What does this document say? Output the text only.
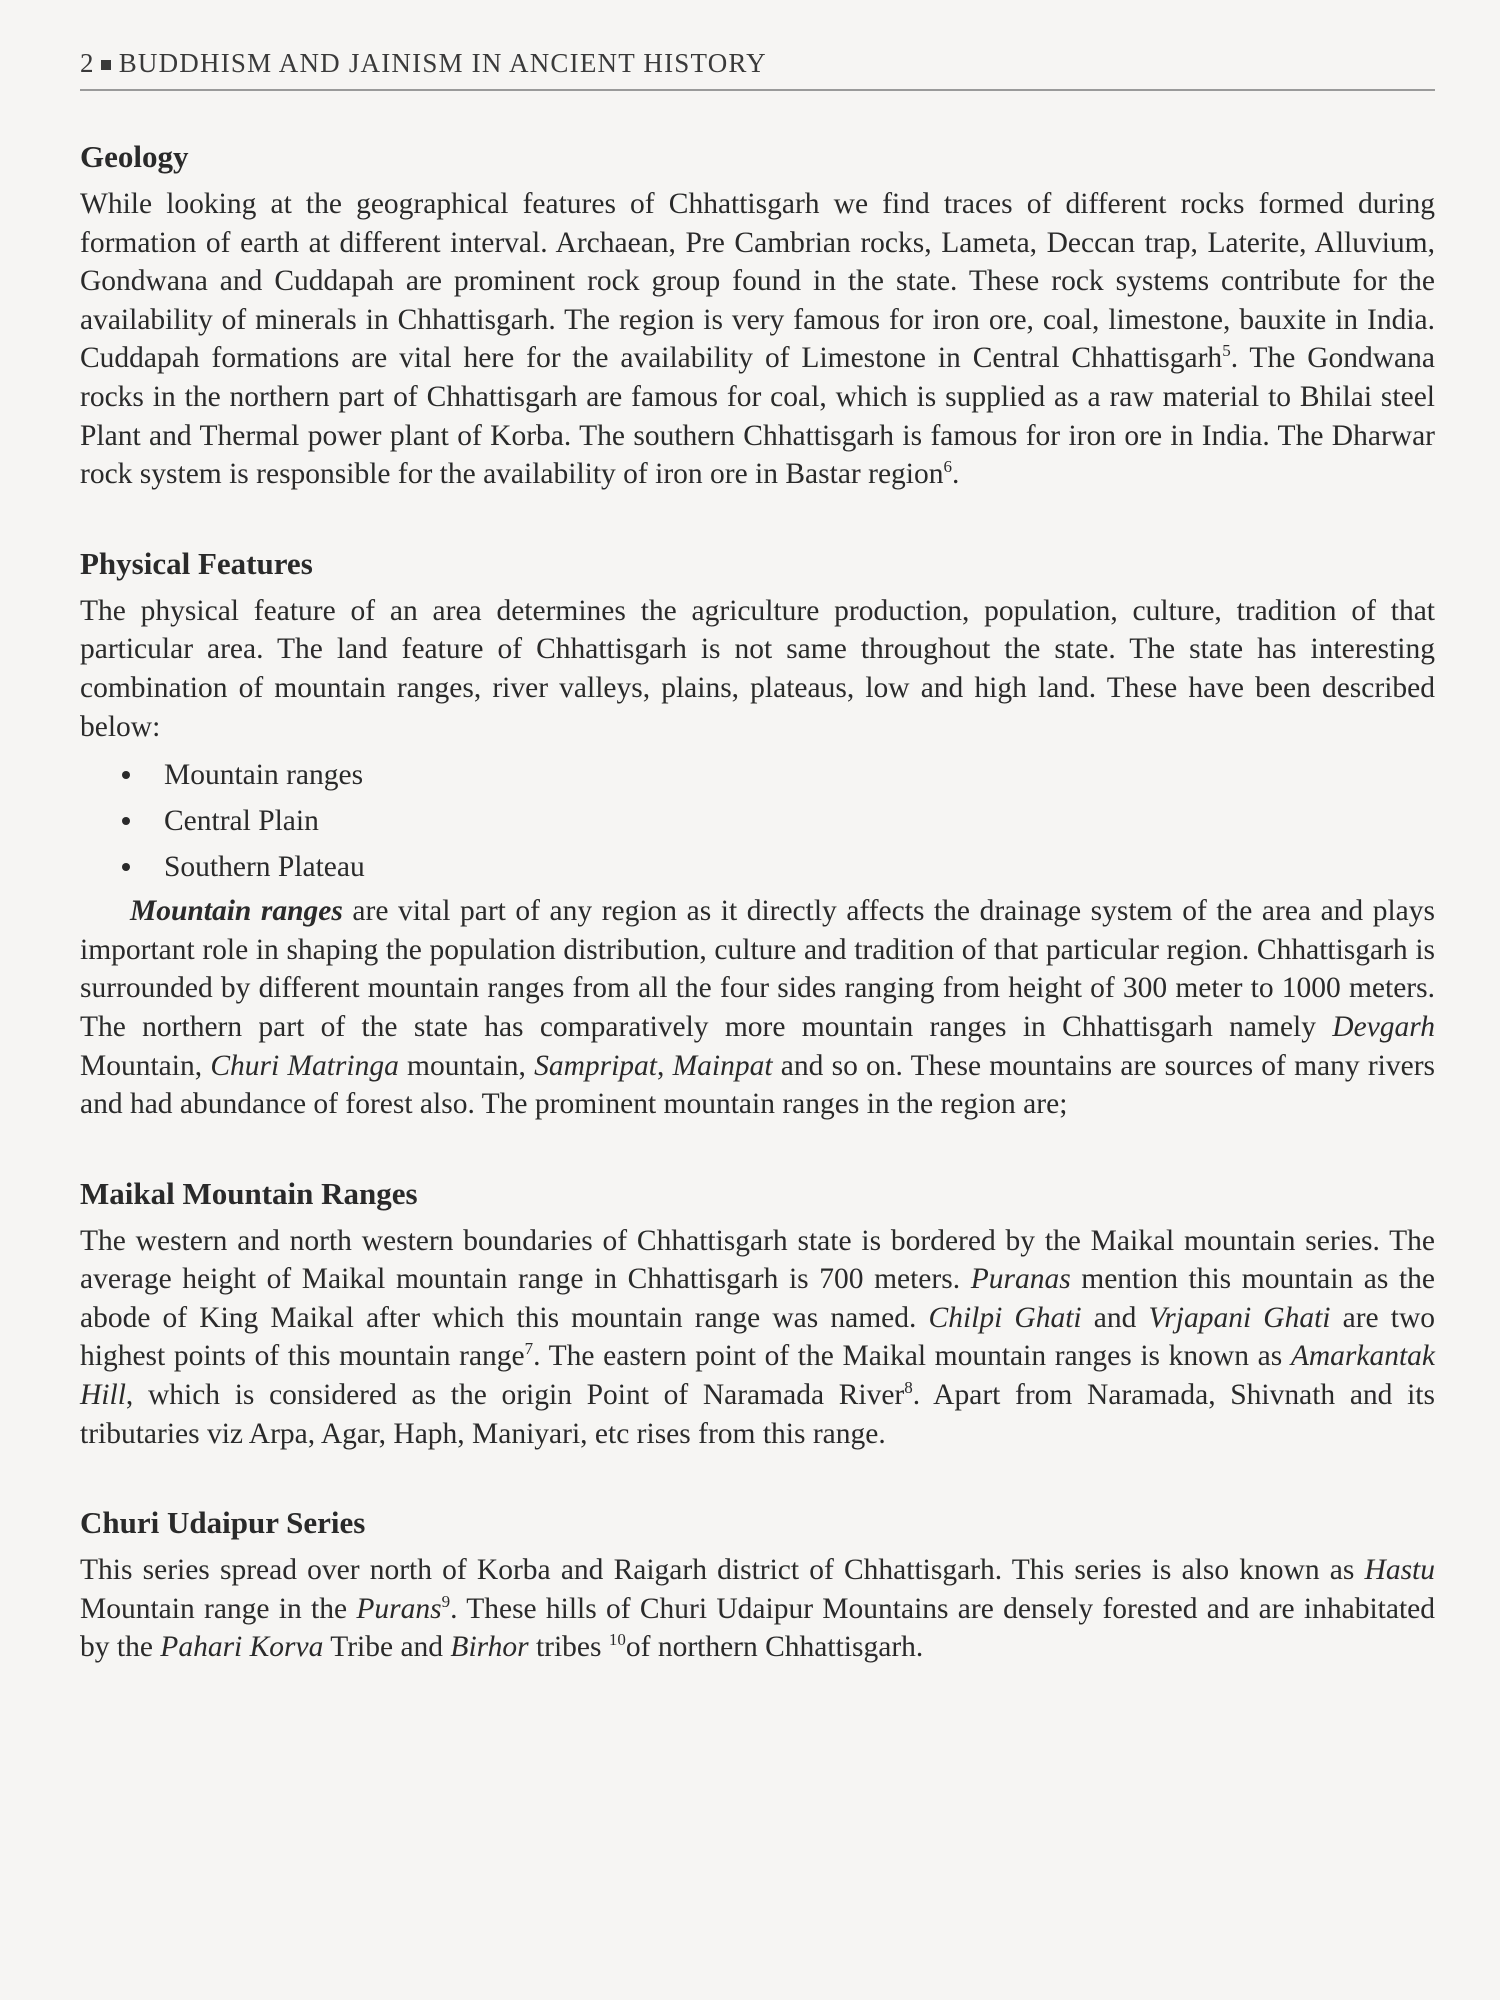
2 BUDDHISM AND JAINISM IN ANCIENT HISTORY
Geology

While looking at the geographical features of Chhattisgarh we find traces of different rocks formed during formation of earth at different interval. Archaean, Pre Cambrian rocks, Lameta, Deccan trap, Laterite, Alluvium, Gondwana and Cuddapah are prominent rock group found in the state. These rock systems contribute for the availability of minerals in Chhattisgarh. The region is very famous for iron ore, coal, limestone, bauxite in India. Cuddapah formations are vital here for the availability of Limestone in Central Chhattisgarh$^5$. The Gondwana rocks in the northern part of Chhattisgarh are famous for coal, which is supplied as a raw material to Bhilai steel Plant and Thermal power plant of Korba. The southern Chhattisgarh is famous for iron ore in India. The Dharwar rock system is responsible for the availability of iron ore in Bastar region$^6$.

Physical Features

The physical feature of an area determines the agriculture production, population, culture, tradition of that particular area. The land feature of Chhattisgarh is not same throughout the state. The state has interesting combination of mountain ranges, river valleys, plains, plateaus, low and high land. These have been described below:

Mountain ranges
Central Plain
Southern Plateau

Mountain ranges are vital part of any region as it directly affects the drainage system of the area and plays important role in shaping the population distribution, culture and tradition of that particular region. Chhattisgarh is surrounded by different mountain ranges from all the four sides ranging from height of 300 meter to 1000 meters. The northern part of the state has comparatively more mountain ranges in Chhattisgarh namely Devgarh Mountain, Churi Matringa mountain, Sampripat, Mainpat and so on. These mountains are sources of many rivers and had abundance of forest also. The prominent mountain ranges in the region are;

Maikal Mountain Ranges

The western and north western boundaries of Chhattisgarh state is bordered by the Maikal mountain series. The average height of Maikal mountain range in Chhattisgarh is 700 meters. Puranas mention this mountain as the abode of King Maikal after which this mountain range was named. Chilpi Ghati and Vrjapani Ghati are two highest points of this mountain range$^7$. The eastern point of the Maikal mountain ranges is known as Amarkantak Hill, which is considered as the origin Point of Naramada River$^8$. Apart from Naramada, Shivnath and its tributaries viz Arpa, Agar, Haph, Maniyari, etc rises from this range.

Churi Udaipur Series

This series spread over north of Korba and Raigarh district of Chhattisgarh. This series is also known as Hastu Mountain range in the Purans$^9$. These hills of Churi Udaipur Mountains are densely forested and are inhabitated by the Pahari Korva Tribe and Birhor tribes $^{10}$of northern Chhattisgarh.
